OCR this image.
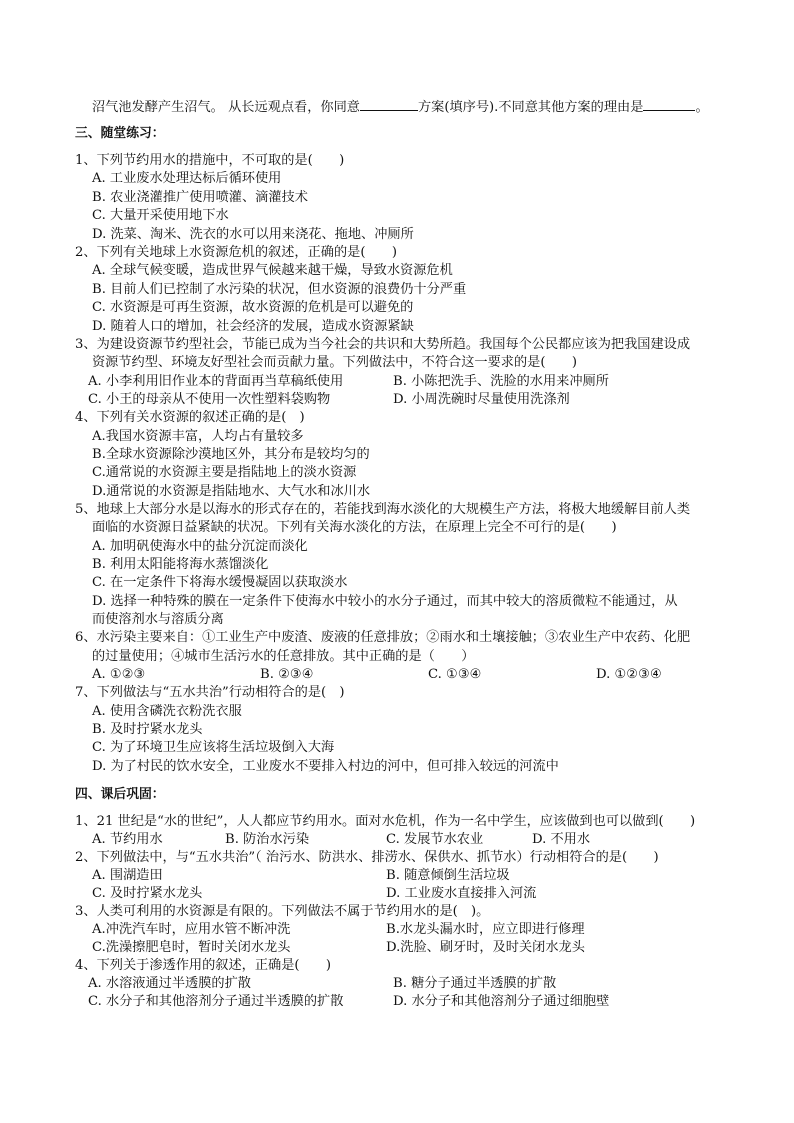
沼气池发酵产生沼气。 从长远观点看，你同意	方案(填序号).不同意其他方案的理由是	。
三、随堂练习：
1、下列节约用水的措施中，不可取的是(　　)
A. 工业废水处理达标后循环使用
B. 农业浇灌推广使用喷灌、滴灌技术
C. 大量开采使用地下水
D. 洗菜、淘米、洗衣的水可以用来浇花、拖地、冲厕所
2、下列有关地球上水资源危机的叙述，正确的是(　　)
A. 全球气候变暖，造成世界气候越来越干燥，导致水资源危机
B. 目前人们已控制了水污染的状况，但水资源的浪费仍十分严重
C. 水资源是可再生资源，故水资源的危机是可以避免的
D. 随着人口的增加，社会经济的发展，造成水资源紧缺
3、为建设资源节约型社会，节能已成为当今社会的共识和大势所趋。我国每个公民都应该为把我国建设成
资源节约型、环境友好型社会而贡献力量。下列做法中，不符合这一要求的是(　　)
A. 小李利用旧作业本的背面再当草稿纸使用	B. 小陈把洗手、洗脸的水用来冲厕所
C. 小王的母亲从不使用一次性塑料袋购物	D. 小周洗碗时尽量使用洗涤剂
4、下列有关水资源的叙述正确的是(　)
A.我国水资源丰富，人均占有量较多
B.全球水资源除沙漠地区外，其分布是较均匀的
C.通常说的水资源主要是指陆地上的淡水资源
D.通常说的水资源是指陆地水、大气水和冰川水
5、地球上大部分水是以海水的形式存在的，若能找到海水淡化的大规模生产方法，将极大地缓解目前人类
面临的水资源日益紧缺的状况。下列有关海水淡化的方法，在原理上完全不可行的是(　　)
A. 加明矾使海水中的盐分沉淀而淡化
B. 利用太阳能将海水蒸馏淡化
C. 在一定条件下将海水缓慢凝固以获取淡水
D. 选择一种特殊的膜在一定条件下使海水中较小的水分子通过，而其中较大的溶质微粒不能通过，从
而使溶剂水与溶质分离
6、水污染主要来自：①工业生产中废渣、废液的任意排放；②雨水和土壤接触；③农业生产中农药、化肥
的过量使用；④城市生活污水的任意排放。其中正确的是（　　）
A. ①②③	B. ②③④	C. ①③④	D. ①②③④
7、下列做法与“五水共治”行动相符合的是(　)
A. 使用含磷洗衣粉洗衣服
B. 及时拧紧水龙头
C. 为了环境卫生应该将生活垃圾倒入大海
D. 为了村民的饮水安全，工业废水不要排入村边的河中，但可排入较远的河流中
四、课后巩固：
1、21 世纪是“水的世纪”，人人都应节约用水。面对水危机，作为一名中学生，应该做到也可以做到(　　)
A. 节约用水	B. 防治水污染	C. 发展节水农业	D. 不用水
2、下列做法中，与“五水共治”（ 治污水、防洪水、排涝水、保供水、抓节水）行动相符合的是(　　)
A. 围湖造田	B. 随意倾倒生活垃圾
C. 及时拧紧水龙头	D. 工业废水直接排入河流
3、人类可利用的水资源是有限的。下列做法不属于节约用水的是(　)。
A.冲洗汽车时，应用水管不断冲洗	B.水龙头漏水时，应立即进行修理
C.洗澡擦肥皂时，暂时关闭水龙头	D.洗脸、刷牙时，及时关闭水龙头
4、下列关于渗透作用的叙述，正确是(　　)
A. 水溶液通过半透膜的扩散	B. 糖分子通过半透膜的扩散
C. 水分子和其他溶剂分子通过半透膜的扩散	D. 水分子和其他溶剂分子通过细胞壁
